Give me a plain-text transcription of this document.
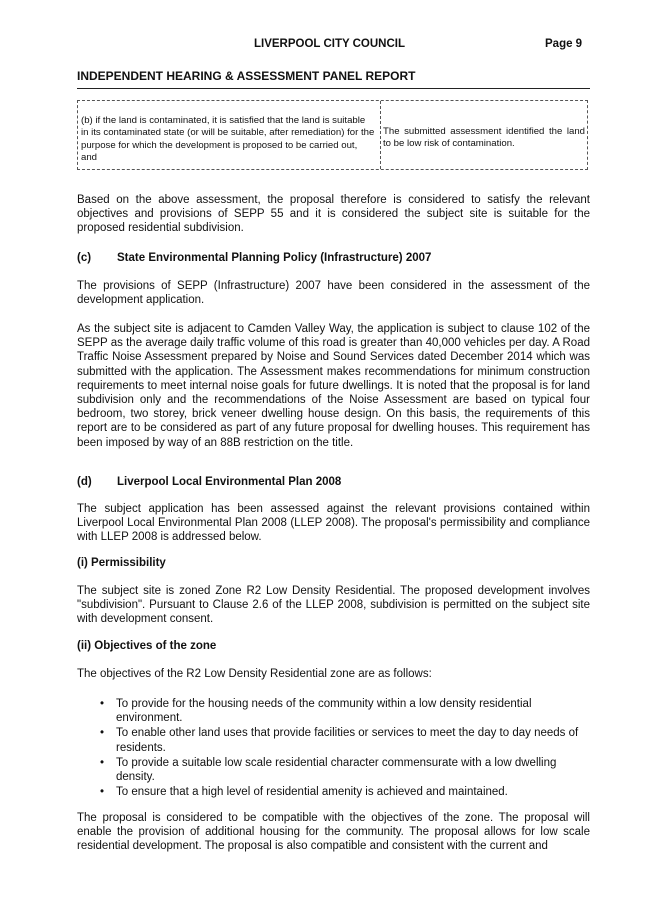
LIVERPOOL CITY COUNCIL	Page 9
INDEPENDENT HEARING & ASSESSMENT PANEL REPORT
(b) if the land is contaminated, it is satisfied that the land is suitable in its contaminated state (or will be suitable, after remediation) for the purpose for which the development is proposed to be carried out, and
The submitted assessment identified the land to be low risk of contamination.
Based on the above assessment, the proposal therefore is considered to satisfy the relevant objectives and provisions of SEPP 55 and it is considered the subject site is suitable for the proposed residential subdivision.
(c) State Environmental Planning Policy (Infrastructure) 2007
The provisions of SEPP (Infrastructure) 2007 have been considered in the assessment of the development application.
As the subject site is adjacent to Camden Valley Way, the application is subject to clause 102 of the SEPP as the average daily traffic volume of this road is greater than 40,000 vehicles per day. A Road Traffic Noise Assessment prepared by Noise and Sound Services dated December 2014 which was submitted with the application. The Assessment makes recommendations for minimum construction requirements to meet internal noise goals for future dwellings. It is noted that the proposal is for land subdivision only and the recommendations of the Noise Assessment are based on typical four bedroom, two storey, brick veneer dwelling house design. On this basis, the requirements of this report are to be considered as part of any future proposal for dwelling houses. This requirement has been imposed by way of an 88B restriction on the title.
(d) Liverpool Local Environmental Plan 2008
The subject application has been assessed against the relevant provisions contained within Liverpool Local Environmental Plan 2008 (LLEP 2008). The proposal's permissibility and compliance with LLEP 2008 is addressed below.
(i) Permissibility
The subject site is zoned Zone R2 Low Density Residential. The proposed development involves "subdivision". Pursuant to Clause 2.6 of the LLEP 2008, subdivision is permitted on the subject site with development consent.
(ii) Objectives of the zone
The objectives of the R2 Low Density Residential zone are as follows:
• To provide for the housing needs of the community within a low density residential environment.
• To enable other land uses that provide facilities or services to meet the day to day needs of residents.
• To provide a suitable low scale residential character commensurate with a low dwelling density.
• To ensure that a high level of residential amenity is achieved and maintained.
The proposal is considered to be compatible with the objectives of the zone. The proposal will enable the provision of additional housing for the community. The proposal allows for low scale residential development. The proposal is also compatible and consistent with the current and
